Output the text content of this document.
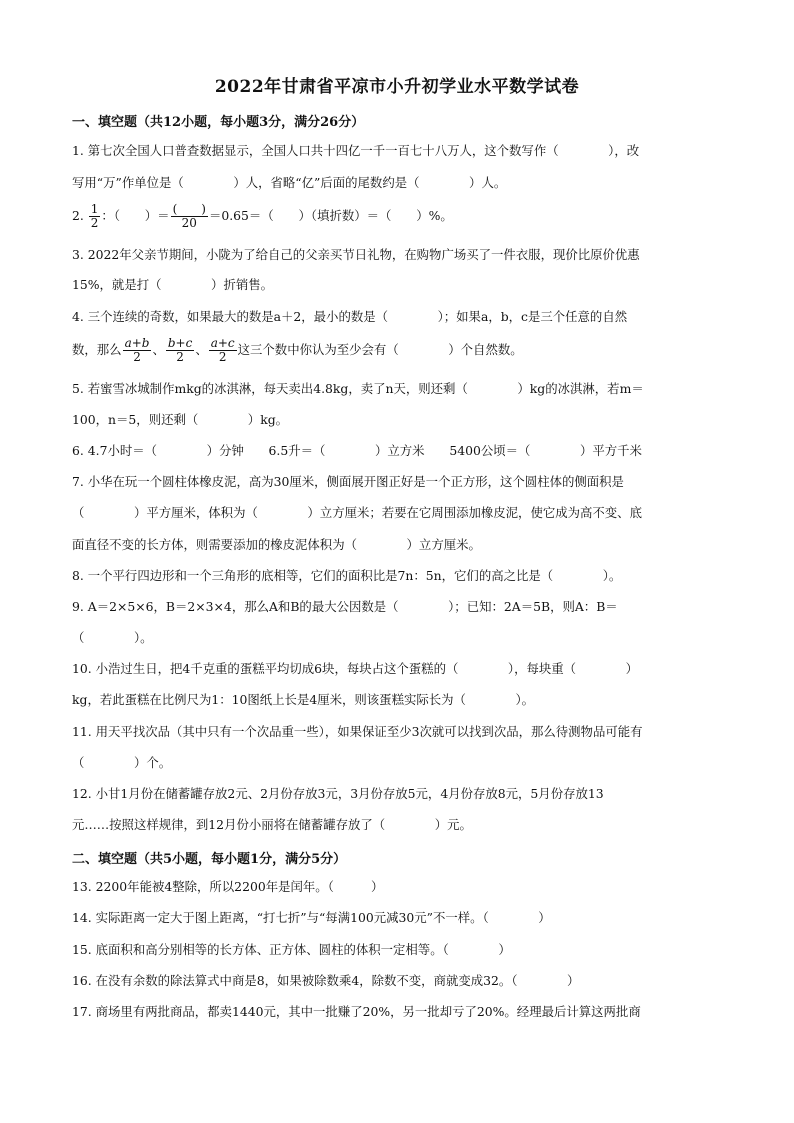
2022年甘肃省平凉市小升初学业水平数学试卷
一、填空题（共12小题，每小题3分，满分26分）
1. 第七次全国人口普查数据显示，全国人口共十四亿一千一百七十八万人，这个数写作（　　　　），改
写用“万”作单位是（　　　　）人，省略“亿”后面的尾数约是（　　　　）人。
2. $\frac{1}{2}$ ：（　　）＝ $\frac{( )}{20} =0.65=$（　　）（填折数）＝（　　）%。
3. 2022年父亲节期间，小陇为了给自己的父亲买节日礼物，在购物广场买了一件衣服，现价比原价优惠
15%，就是打（　　　　）折销售。
4. 三个连续的奇数，如果最大的数是a＋2，最小的数是（　　　　）；如果a，b，c是三个任意的自然
数，那么 $\frac{a+b}{2}$ 、 $\frac{b+c}{2}$ 、 $\frac{a+c}{2}$ 这三个数中你认为至少会有（　　　　）个自然数。
5. 若蜜雪冰城制作mkg的冰淇淋，每天卖出4.8kg，卖了n天，则还剩（　　　　）kg的冰淇淋，若m＝
100，n＝5，则还剩（　　　　）kg。
6. 4.7小时＝（　　　　）分钟　　6.5升＝（　　　　）立方米　　5400公顷＝（　　　　）平方千米
7. 小华在玩一个圆柱体橡皮泥，高为30厘米，侧面展开图正好是一个正方形，这个圆柱体的侧面积是
（　　　　）平方厘米，体积为（　　　　）立方厘米；若要在它周围添加橡皮泥，使它成为高不变、底
面直径不变的长方体，则需要添加的橡皮泥体积为（　　　　）立方厘米。
8. 一个平行四边形和一个三角形的底相等，它们的面积比是7n：5n，它们的高之比是（　　　　）。
9. A＝2×5×6，B＝2×3×4，那么A和B的最大公因数是（　　　　）；已知：2A＝5B，则A：B＝
（　　　　）。
10. 小浩过生日，把4千克重的蛋糕平均切成6块，每块占这个蛋糕的（　　　　），每块重（　　　　）
kg，若此蛋糕在比例尺为1：10图纸上长是4厘米，则该蛋糕实际长为（　　　　）。
11. 用天平找次品（其中只有一个次品重一些），如果保证至少3次就可以找到次品，那么待测物品可能有
（　　　　）个。
12. 小甘1月份在储蓄罐存放2元、2月份存放3元，3月份存放5元，4月份存放8元，5月份存放13
元……按照这样规律，到12月份小丽将在储蓄罐存放了（　　　　）元。
二、填空题（共5小题，每小题1分，满分5分）
13. 2200年能被4整除，所以2200年是闰年。（　　　）
14. 实际距离一定大于图上距离，“打七折”与“每满100元减30元”不一样。（　　　　）
15. 底面积和高分别相等的长方体、正方体、圆柱的体积一定相等。（　　　　）
16. 在没有余数的除法算式中商是8，如果被除数乘4，除数不变，商就变成32。（　　　　）
17. 商场里有两批商品，都卖1440元，其中一批赚了20%，另一批却亏了20%。经理最后计算这两批商
